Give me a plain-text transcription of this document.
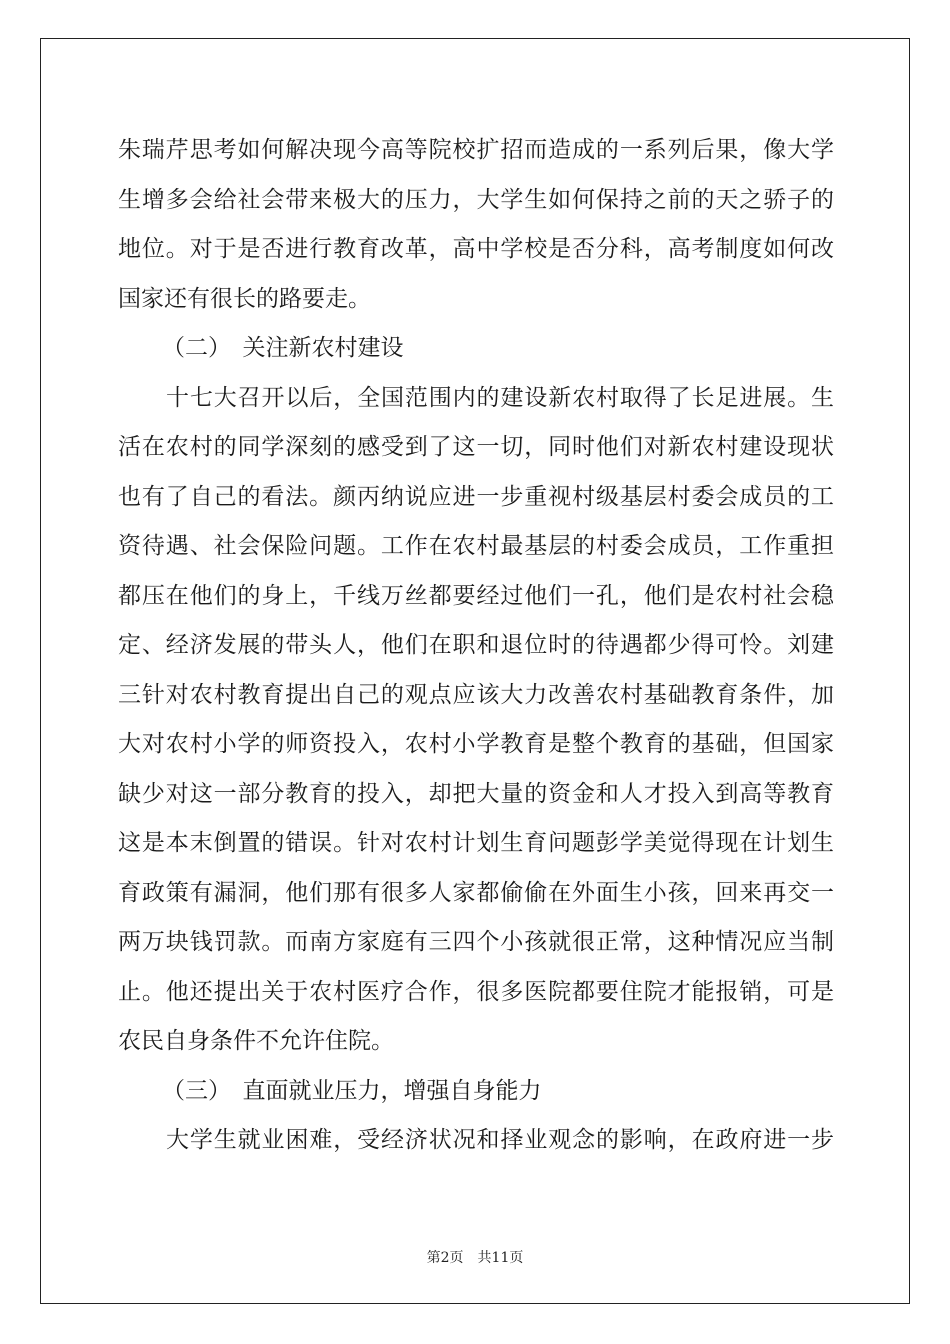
朱瑞芹思考如何解决现今高等院校扩招而造成的一系列后果，像大学
生增多会给社会带来极大的压力，大学生如何保持之前的天之骄子的
地位。对于是否进行教育改革，高中学校是否分科，高考制度如何改
国家还有很长的路要走。
（二）　关注新农村建设
十七大召开以后，全国范围内的建设新农村取得了长足进展。生
活在农村的同学深刻的感受到了这一切，同时他们对新农村建设现状
也有了自己的看法。颜丙纳说应进一步重视村级基层村委会成员的工
资待遇、社会保险问题。工作在农村最基层的村委会成员，工作重担
都压在他们的身上，千线万丝都要经过他们一孔，他们是农村社会稳
定、经济发展的带头人，他们在职和退位时的待遇都少得可怜。刘建
三针对农村教育提出自己的观点应该大力改善农村基础教育条件，加
大对农村小学的师资投入，农村小学教育是整个教育的基础，但国家
缺少对这一部分教育的投入，却把大量的资金和人才投入到高等教育
这是本末倒置的错误。针对农村计划生育问题彭学美觉得现在计划生
育政策有漏洞，他们那有很多人家都偷偷在外面生小孩，回来再交一
两万块钱罚款。而南方家庭有三四个小孩就很正常，这种情况应当制
止。他还提出关于农村医疗合作，很多医院都要住院才能报销，可是
农民自身条件不允许住院。
（三）　直面就业压力，增强自身能力
大学生就业困难，受经济状况和择业观念的影响，在政府进一步
第2页　共11页
